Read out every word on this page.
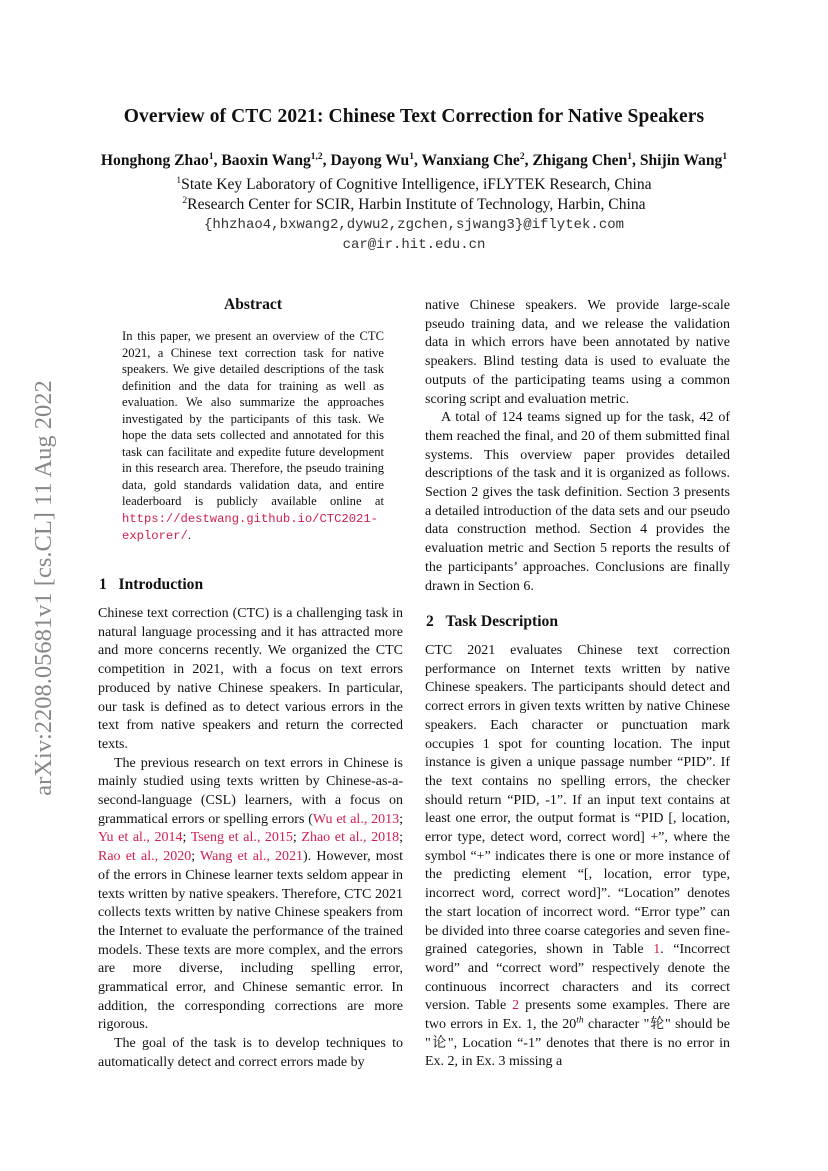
arXiv:2208.05681v1 [cs.CL] 11 Aug 2022
Overview of CTC 2021: Chinese Text Correction for Native Speakers
Honghong Zhao$^1$, Baoxin Wang$^{1,2}$, Dayong Wu$^1$, Wanxiang Che$^2$, Zhigang Chen$^1$, Shijin Wang$^1$
$^1$State Key Laboratory of Cognitive Intelligence, iFLYTEK Research, China
$^2$Research Center for SCIR, Harbin Institute of Technology, Harbin, China
{hhzhao4,bxwang2,dywu2,zgchen,sjwang3}@iflytek.com
car@ir.hit.edu.cn
Abstract
In this paper, we present an overview of the CTC 2021, a Chinese text correction task for native speakers. We give detailed descriptions of the task definition and the data for training as well as evaluation. We also summarize the approaches investigated by the participants of this task. We hope the data sets collected and annotated for this task can facilitate and expedite future development in this research area. Therefore, the pseudo training data, gold standards validation data, and entire leaderboard is publicly available online at https://destwang.github.io/CTC2021-explorer/.
1 Introduction

Chinese text correction (CTC) is a challenging task in natural language processing and it has attracted more and more concerns recently. We organized the CTC competition in 2021, with a focus on text errors produced by native Chinese speakers. In particular, our task is defined as to detect various errors in the text from native speakers and return the corrected texts.

The previous research on text errors in Chinese is mainly studied using texts written by Chinese-as-a-second-language (CSL) learners, with a focus on grammatical errors or spelling errors (Wu et al., 2013; Yu et al., 2014; Tseng et al., 2015; Zhao et al., 2018; Rao et al., 2020; Wang et al., 2021). However, most of the errors in Chinese learner texts seldom appear in texts written by native speakers. Therefore, CTC 2021 collects texts written by native Chinese speakers from the Internet to evaluate the performance of the trained models. These texts are more complex, and the errors are more diverse, including spelling error, grammatical error, and Chinese semantic error. In addition, the corresponding corrections are more rigorous.

The goal of the task is to develop techniques to automatically detect and correct errors made by

native Chinese speakers. We provide large-scale pseudo training data, and we release the validation data in which errors have been annotated by native speakers. Blind testing data is used to evaluate the outputs of the participating teams using a common scoring script and evaluation metric.

A total of 124 teams signed up for the task, 42 of them reached the final, and 20 of them submitted final systems. This overview paper provides detailed descriptions of the task and it is organized as follows. Section 2 gives the task definition. Section 3 presents a detailed introduction of the data sets and our pseudo data construction method. Section 4 provides the evaluation metric and Section 5 reports the results of the participants’ approaches. Conclusions are finally drawn in Section 6.

2 Task Description

CTC 2021 evaluates Chinese text correction performance on Internet texts written by native Chinese speakers. The participants should detect and correct errors in given texts written by native Chinese speakers. Each character or punctuation mark occupies 1 spot for counting location. The input instance is given a unique passage number “PID”. If the text contains no spelling errors, the checker should return “PID, -1”. If an input text contains at least one error, the output format is “PID [, location, error type, detect word, correct word] +”, where the symbol “+” indicates there is one or more instance of the predicting element “[, location, error type, incorrect word, correct word]”. “Location” denotes the start location of incorrect word. “Error type” can be divided into three coarse categories and seven fine-grained categories, shown in Table 1. “Incorrect word” and “correct word” respectively denote the continuous incorrect characters and its correct version. Table 2 presents some examples. There are two errors in Ex. 1, the 20th character "轮" should be "论", Location “-1” denotes that there is no error in Ex. 2, in Ex. 3 missing a
